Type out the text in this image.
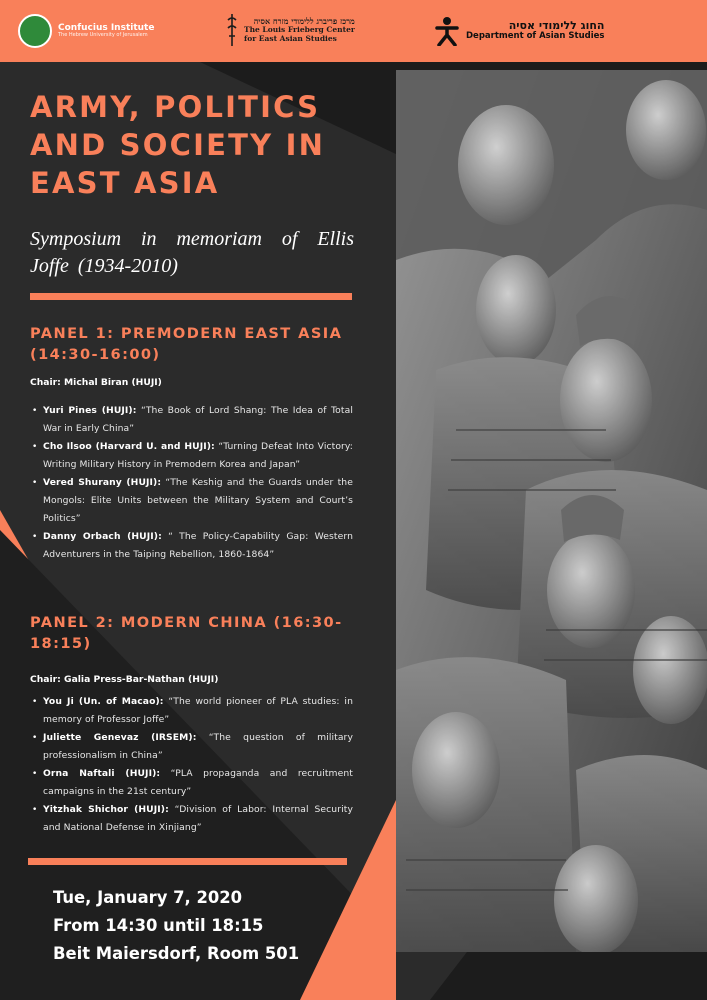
Confucius Institute
The Hebrew University of Jerusalem
מרכז פריברג ללימודי מזרח אסיה
The Louis Frieberg Center
for East Asian Studies
החוג ללימודי אסיה
Department of Asian Studies
ARMY, POLITICS AND SOCIETY IN EAST ASIA

Symposium in memoriam of Ellis Joffe (1934-2010)

PANEL 1: PREMODERN EAST ASIA (14:30-16:00)

Chair: Michal Biran (HUJI)

• Yuri Pines (HUJI): “The Book of Lord Shang: The Idea of Total War in Early China”
• Cho Ilsoo (Harvard U. and HUJI): “Turning Defeat Into Victory: Writing Military History in Premodern Korea and Japan”
• Vered Shurany (HUJI): “The Keshig and the Guards under the Mongols: Elite Units between the Military System and Court’s Politics”
• Danny Orbach (HUJI): “ The Policy-Capability Gap: Western Adventurers in the Taiping Rebellion, 1860-1864”
PANEL 2: MODERN CHINA (16:30-18:15)

Chair: Galia Press-Bar-Nathan (HUJI)

• You Ji (Un. of Macao): “The world pioneer of PLA studies: in memory of Professor Joffe”
• Juliette Genevaz (IRSEM): “The question of military professionalism in China”
• Orna Naftali (HUJI): “PLA propaganda and recruitment campaigns in the 21st century”
• Yitzhak Shichor (HUJI): “Division of Labor: Internal Security and National Defense in Xinjiang”

Tue, January 7, 2020
From 14:30 until 18:15
Beit Maiersdorf, Room 501
